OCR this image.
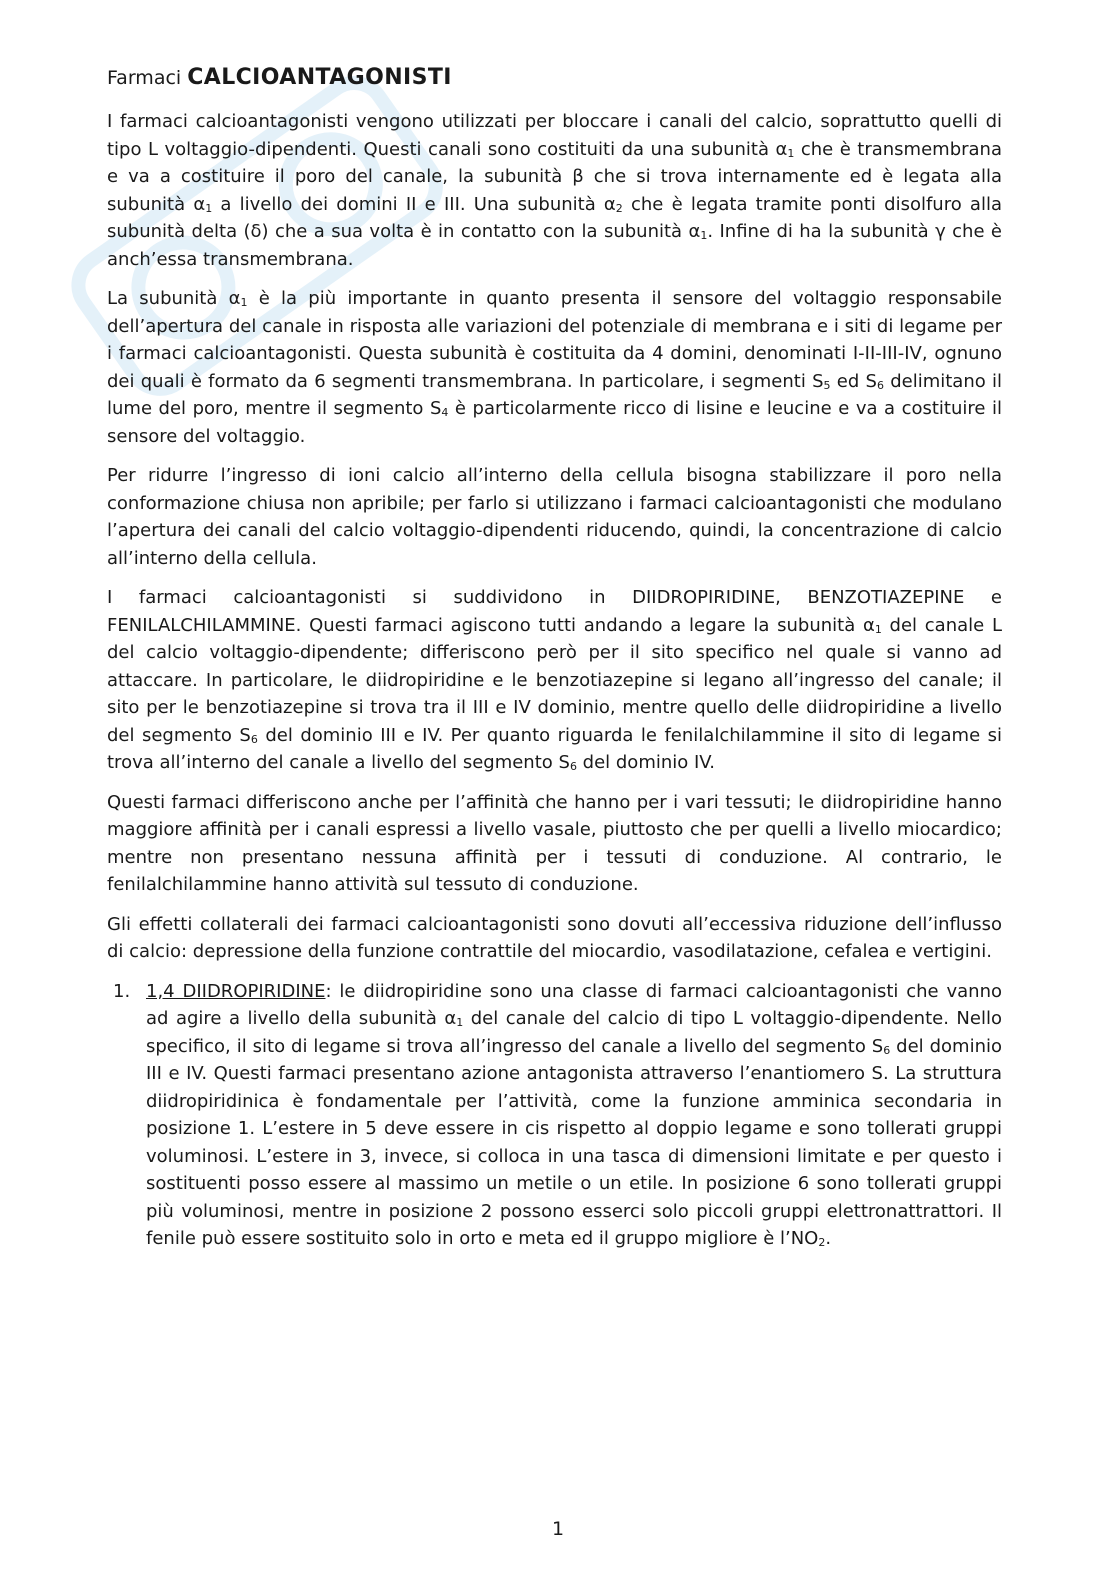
Farmaci CALCIOANTAGONISTI

I farmaci calcioantagonisti vengono utilizzati per bloccare i canali del calcio, soprattutto quelli di tipo L voltaggio-dipendenti. Questi canali sono costituiti da una subunità $\alpha_1$ che è transmembrana e va a costituire il poro del canale, la subunità β che si trova internamente ed è legata alla subunità $\alpha_1$ a livello dei domini II e III. Una subunità $\alpha_2$ che è legata tramite ponti disolfuro alla subunità delta (δ) che a sua volta è in contatto con la subunità $\alpha_1$. Infine di ha la subunità γ che è anch’essa transmembrana.

La subunità $\alpha_1$ è la più importante in quanto presenta il sensore del voltaggio responsabile dell’apertura del canale in risposta alle variazioni del potenziale di membrana e i siti di legame per i farmaci calcioantagonisti. Questa subunità è costituita da 4 domini, denominati I-II-III-IV, ognuno dei quali è formato da 6 segmenti transmembrana. In particolare, i segmenti $S_5$ ed $S_6$ delimitano il lume del poro, mentre il segmento $S_4$ è particolarmente ricco di lisine e leucine e va a costituire il sensore del voltaggio.

Per ridurre l’ingresso di ioni calcio all’interno della cellula bisogna stabilizzare il poro nella conformazione chiusa non apribile; per farlo si utilizzano i farmaci calcioantagonisti che modulano l’apertura dei canali del calcio voltaggio-dipendenti riducendo, quindi, la concentrazione di calcio all’interno della cellula.

I farmaci calcioantagonisti si suddividono in DIIDROPIRIDINE, BENZOTIAZEPINE e FENILALCHILAMMINE. Questi farmaci agiscono tutti andando a legare la subunità $\alpha_1$ del canale L del calcio voltaggio-dipendente; differiscono però per il sito specifico nel quale si vanno ad attaccare. In particolare, le diidropiridine e le benzotiazepine si legano all’ingresso del canale; il sito per le benzotiazepine si trova tra il III e IV dominio, mentre quello delle diidropiridine a livello del segmento $S_6$ del dominio III e IV. Per quanto riguarda le fenilalchilammine il sito di legame si trova all’interno del canale a livello del segmento $S_6$ del dominio IV.

Questi farmaci differiscono anche per l’affinità che hanno per i vari tessuti; le diidropiridine hanno maggiore affinità per i canali espressi a livello vasale, piuttosto che per quelli a livello miocardico; mentre non presentano nessuna affinità per i tessuti di conduzione. Al contrario, le fenilalchilammine hanno attività sul tessuto di conduzione.

Gli effetti collaterali dei farmaci calcioantagonisti sono dovuti all’eccessiva riduzione dell’influsso di calcio: depressione della funzione contrattile del miocardio, vasodilatazione, cefalea e vertigini.

1. 1,4 DIIDROPIRIDINE: le diidropiridine sono una classe di farmaci calcioantagonisti che vanno ad agire a livello della subunità $\alpha_1$ del canale del calcio di tipo L voltaggio-dipendente. Nello specifico, il sito di legame si trova all’ingresso del canale a livello del segmento $S_6$ del dominio III e IV. Questi farmaci presentano azione antagonista attraverso l’enantiomero S. La struttura diidropiridinica è fondamentale per l’attività, come la funzione amminica secondaria in posizione 1. L’estere in 5 deve essere in cis rispetto al doppio legame e sono tollerati gruppi voluminosi. L’estere in 3, invece, si colloca in una tasca di dimensioni limitate e per questo i sostituenti posso essere al massimo un metile o un etile. In posizione 6 sono tollerati gruppi più voluminosi, mentre in posizione 2 possono esserci solo piccoli gruppi elettronattrattori. Il fenile può essere sostituito solo in orto e meta ed il gruppo migliore è $l’NO_2$.

1
